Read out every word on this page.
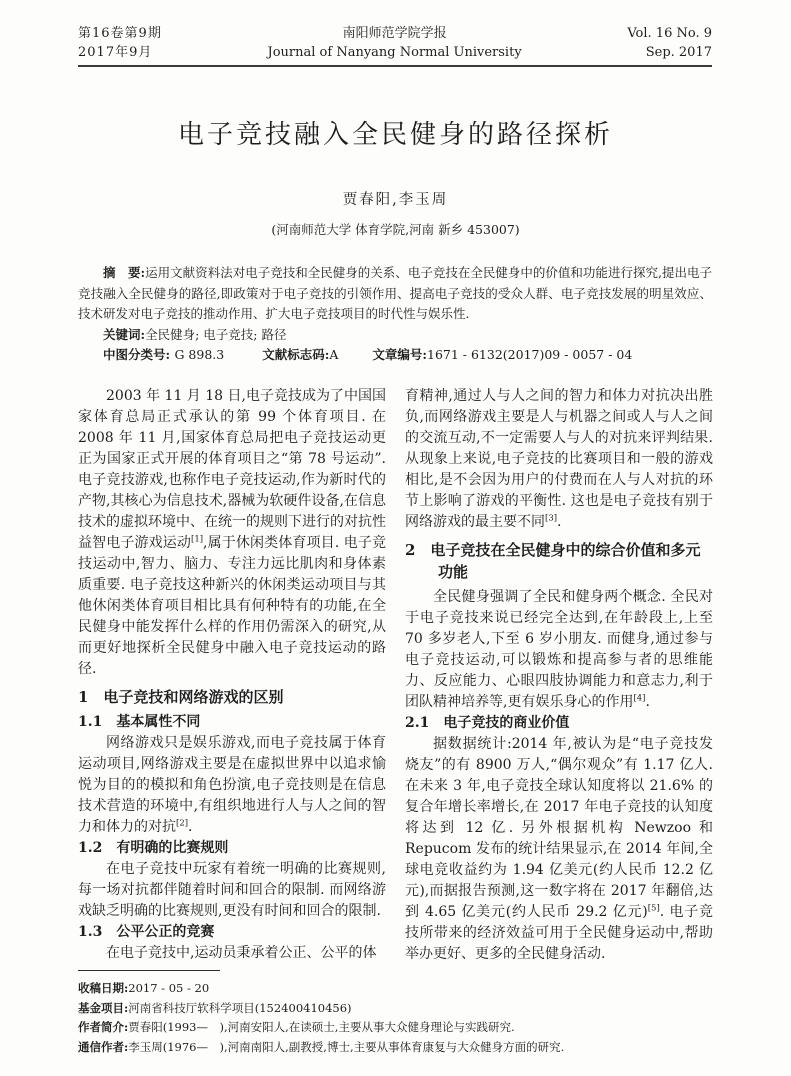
第16卷第9期
2017年9月
南阳师范学院学报
Journal of Nanyang Normal University
Vol. 16 No. 9
Sep. 2017
电子竞技融入全民健身的路径探析
贾春阳,李玉周
(河南师范大学 体育学院,河南 新乡 453007)

摘　要:运用文献资料法对电子竞技和全民健身的关系、电子竞技在全民健身中的价值和功能进行探究,提出电子竞技融入全民健身的路径,即政策对于电子竞技的引领作用、提高电子竞技的受众人群、电子竞技发展的明星效应、技术研发对电子竞技的推动作用、扩大电子竞技项目的时代性与娱乐性.

关键词:全民健身; 电子竞技; 路径

中图分类号: G 898.3	文献标志码:A	文章编号:1671 - 6132(2017)09 - 0057 - 04

2003 年 11 月 18 日,电子竞技成为了中国国家体育总局正式承认的第 99 个体育项目. 在 2008 年 11 月,国家体育总局把电子竞技运动更正为国家正式开展的体育项目之“第 78 号运动”. 电子竞技游戏,也称作电子竞技运动,作为新时代的产物,其核心为信息技术,器械为软硬件设备,在信息技术的虚拟环境中、在统一的规则下进行的对抗性益智电子游戏运动[1],属于休闲类体育项目. 电子竞技运动中,智力、脑力、专注力远比肌肉和身体素质重要. 电子竞技这种新兴的休闲类运动项目与其他休闲类体育项目相比具有何种特有的功能,在全民健身中能发挥什么样的作用仍需深入的研究,从而更好地探析全民健身中融入电子竞技运动的路径.

1　电子竞技和网络游戏的区别
1.1　基本属性不同

网络游戏只是娱乐游戏,而电子竞技属于体育运动项目,网络游戏主要是在虚拟世界中以追求愉悦为目的的模拟和角色扮演,电子竞技则是在信息技术营造的环境中,有组织地进行人与人之间的智力和体力的对抗[2].

1.2　有明确的比赛规则

在电子竞技中玩家有着统一明确的比赛规则,每一场对抗都伴随着时间和回合的限制. 而网络游戏缺乏明确的比赛规则,更没有时间和回合的限制.

1.3　公平公正的竞赛

在电子竞技中,运动员秉承着公正、公平的体

育精神,通过人与人之间的智力和体力对抗决出胜负,而网络游戏主要是人与机器之间或人与人之间的交流互动,不一定需要人与人的对抗来评判结果. 从现象上来说,电子竞技的比赛项目和一般的游戏相比,是不会因为用户的付费而在人与人对抗的环节上影响了游戏的平衡性. 这也是电子竞技有别于网络游戏的最主要不同[3].

2　电子竞技在全民健身中的综合价值和多元功能

全民健身强调了全民和健身两个概念. 全民对于电子竞技来说已经完全达到,在年龄段上,上至 70 多岁老人,下至 6 岁小朋友. 而健身,通过参与电子竞技运动,可以锻炼和提高参与者的思维能力、反应能力、心眼四肢协调能力和意志力,利于团队精神培养等,更有娱乐身心的作用[4].

2.1　电子竞技的商业价值

据数据统计:2014 年,被认为是“电子竞技发烧友”的有 8900 万人,“偶尔观众”有 1.17 亿人. 在未来 3 年,电子竞技全球认知度将以 21.6% 的复合年增长率增长,在 2017 年电子竞技的认知度将达到 12 亿. 另外根据机构 Newzoo 和 Repucom 发布的统计结果显示,在 2014 年间,全球电竞收益约为 1.94 亿美元(约人民币 12.2 亿元),而据报告预测,这一数字将在 2017 年翻倍,达到 4.65 亿美元(约人民币 29.2 亿元)[5]. 电子竞技所带来的经济效益可用于全民健身运动中,帮助举办更好、更多的全民健身活动.

收稿日期:2017 - 05 - 20

基金项目:河南省科技厅软科学项目(152400410456)

作者简介:贾春阳(1993—　),河南安阳人,在读硕士,主要从事大众健身理论与实践研究.

通信作者:李玉周(1976—　),河南南阳人,副教授,博士,主要从事体育康复与大众健身方面的研究.
